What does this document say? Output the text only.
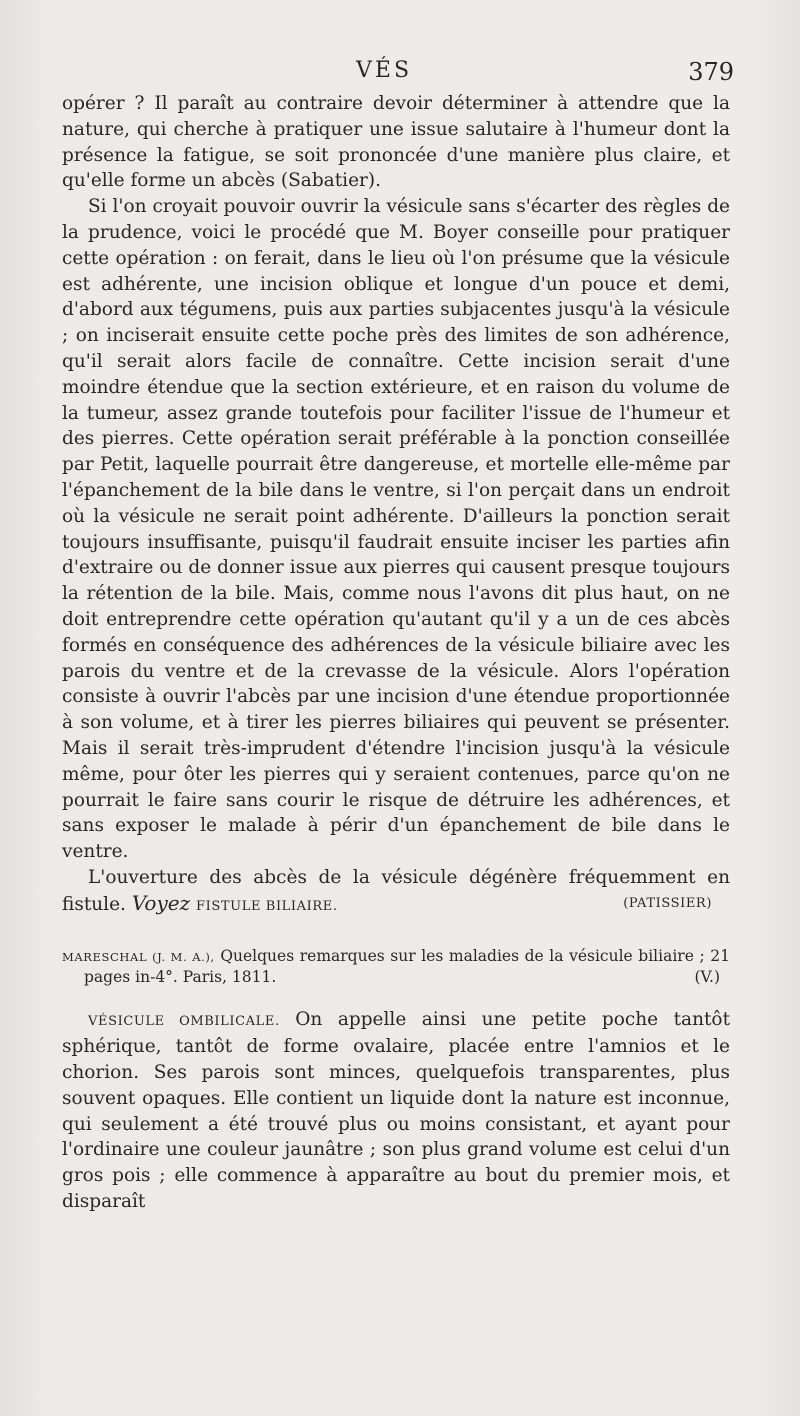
VÉS	379

opérer ? Il paraît au contraire devoir déterminer à attendre que la nature, qui cherche à pratiquer une issue salutaire à l'humeur dont la présence la fatigue, se soit prononcée d'une manière plus claire, et qu'elle forme un abcès (Sabatier).

Si l'on croyait pouvoir ouvrir la vésicule sans s'écarter des règles de la prudence, voici le procédé que M. Boyer conseille pour pratiquer cette opération : on ferait, dans le lieu où l'on présume que la vésicule est adhérente, une incision oblique et longue d'un pouce et demi, d'abord aux tégumens, puis aux parties subjacentes jusqu'à la vésicule ; on inciserait ensuite cette poche près des limites de son adhérence, qu'il serait alors facile de connaître. Cette incision serait d'une moindre étendue que la section extérieure, et en raison du volume de la tumeur, assez grande toutefois pour faciliter l'issue de l'humeur et des pierres. Cette opération serait préférable à la ponction conseillée par Petit, laquelle pourrait être dangereuse, et mortelle elle-même par l'épanchement de la bile dans le ventre, si l'on perçait dans un endroit où la vésicule ne serait point adhérente. D'ailleurs la ponction serait toujours insuffisante, puisqu'il faudrait ensuite inciser les parties afin d'extraire ou de donner issue aux pierres qui causent presque toujours la rétention de la bile. Mais, comme nous l'avons dit plus haut, on ne doit entreprendre cette opération qu'autant qu'il y a un de ces abcès formés en conséquence des adhérences de la vésicule biliaire avec les parois du ventre et de la crevasse de la vésicule. Alors l'opération consiste à ouvrir l'abcès par une incision d'une étendue proportionnée à son volume, et à tirer les pierres biliaires qui peuvent se présenter. Mais il serait très-imprudent d'étendre l'incision jusqu'à la vésicule même, pour ôter les pierres qui y seraient contenues, parce qu'on ne pourrait le faire sans courir le risque de détruire les adhérences, et sans exposer le malade à périr d'un épanchement de bile dans le ventre.

L'ouverture des abcès de la vésicule dégénère fréquemment en fistule. Voyez FISTULE BILIAIRE.	(PATISSIER)

MARESCHAL (J. M. A.), Quelques remarques sur les maladies de la vésicule biliaire ; 21 pages in-4°. Paris, 1811.	(V.)

VÉSICULE OMBILICALE. On appelle ainsi une petite poche tantôt sphérique, tantôt de forme ovalaire, placée entre l'amnios et le chorion. Ses parois sont minces, quelquefois transparentes, plus souvent opaques. Elle contient un liquide dont la nature est inconnue, qui seulement a été trouvé plus ou moins consistant, et ayant pour l'ordinaire une couleur jaunâtre ; son plus grand volume est celui d'un gros pois ; elle commence à apparaître au bout du premier mois, et disparaît
